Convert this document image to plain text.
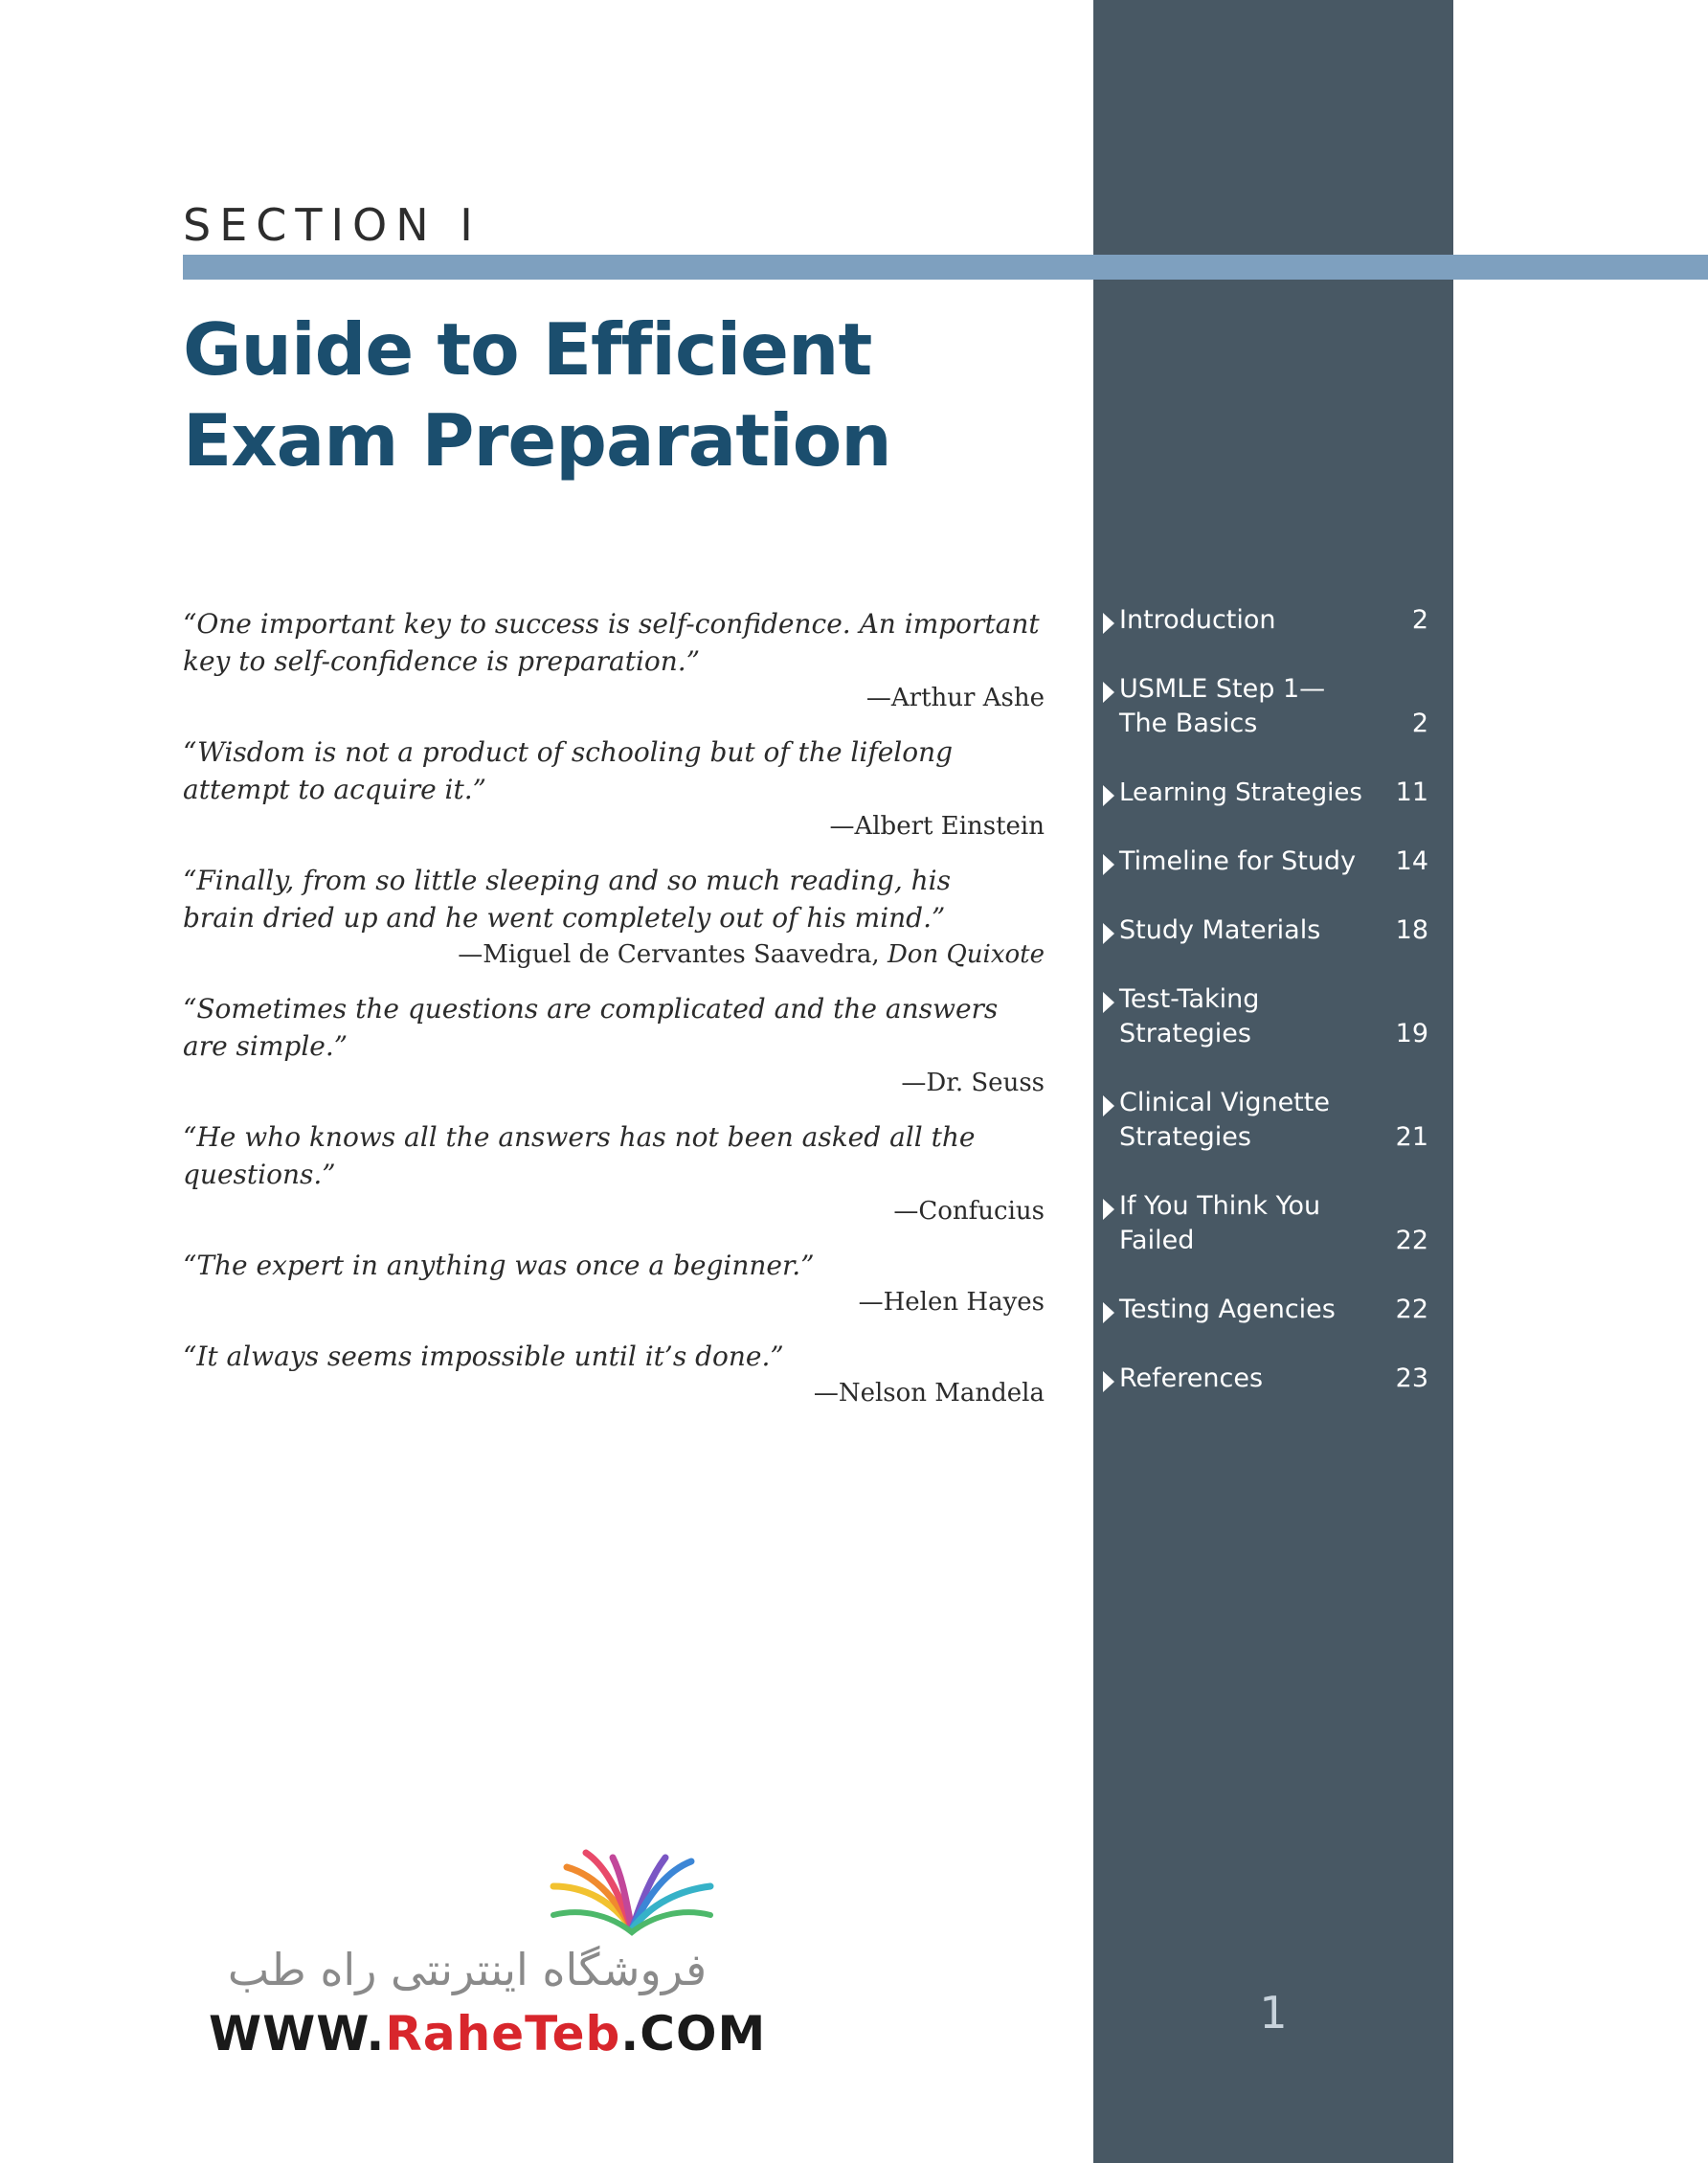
SECTION I
Guide to Efficient
Exam Preparation

“One important key to success is self-confidence. An important key to self-confidence is preparation.”

—Arthur Ashe

“Wisdom is not a product of schooling but of the lifelong attempt to acquire it.”

—Albert Einstein

“Finally, from so little sleeping and so much reading, his brain dried up and he went completely out of his mind.”

—Miguel de Cervantes Saavedra, Don Quixote

“Sometimes the questions are complicated and the answers are simple.”

—Dr. Seuss

“He who knows all the answers has not been asked all the questions.”

—Confucius

“The expert in anything was once a beginner.”

—Helen Hayes

“It always seems impossible until it’s done.”

—Nelson Mandela

Introduction	2
USMLE Step 1—The Basics	2
Learning Strategies	11
Timeline for Study	14
Study Materials	18
Test-Taking Strategies	19
Clinical Vignette Strategies	21
If You Think You Failed	22
Testing Agencies	22
References	23
1
فروشگاه اینترنتی راه طب
WWW.RaheTeb.COM
